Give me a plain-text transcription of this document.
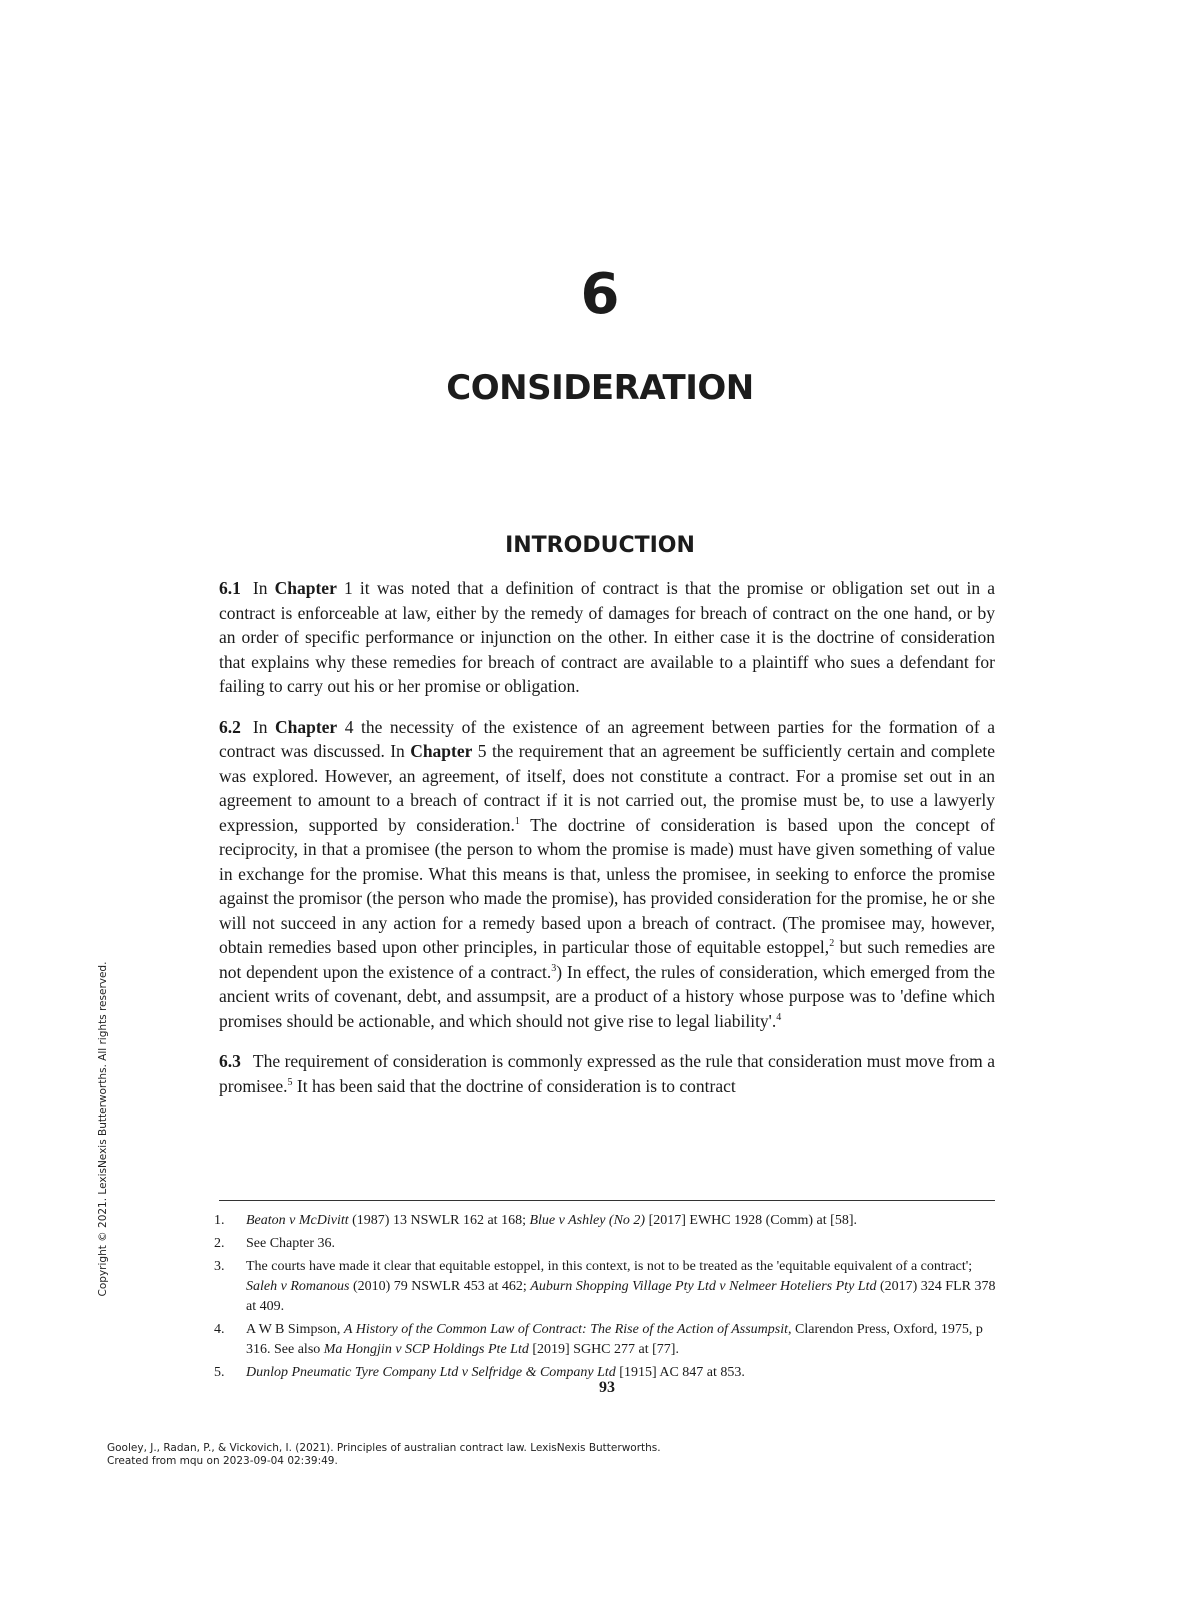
6
CONSIDERATION
INTRODUCTION

6.1 In Chapter 1 it was noted that a definition of contract is that the promise or obligation set out in a contract is enforceable at law, either by the remedy of damages for breach of contract on the one hand, or by an order of specific performance or injunction on the other. In either case it is the doctrine of consideration that explains why these remedies for breach of contract are available to a plaintiff who sues a defendant for failing to carry out his or her promise or obligation.

6.2 In Chapter 4 the necessity of the existence of an agreement between parties for the formation of a contract was discussed. In Chapter 5 the requirement that an agreement be sufficiently certain and complete was explored. However, an agreement, of itself, does not constitute a contract. For a promise set out in an agreement to amount to a breach of contract if it is not carried out, the promise must be, to use a lawyerly expression, supported by consideration.$^1$ The doctrine of consideration is based upon the concept of reciprocity, in that a promisee (the person to whom the promise is made) must have given something of value in exchange for the promise. What this means is that, unless the promisee, in seeking to enforce the promise against the promisor (the person who made the promise), has provided consideration for the promise, he or she will not succeed in any action for a remedy based upon a breach of contract. (The promisee may, however, obtain remedies based upon other principles, in particular those of equitable estoppel,$^2$ but such remedies are not dependent upon the existence of a contract.$^3$) In effect, the rules of consideration, which emerged from the ancient writs of covenant, debt, and assumpsit, are a product of a history whose purpose was to 'define which promises should be actionable, and which should not give rise to legal liability'.$^4$

6.3 The requirement of consideration is commonly expressed as the rule that consideration must move from a promisee.$^5$ It has been said that the doctrine of consideration is to contract

1.	Beaton v McDivitt (1987) 13 NSWLR 162 at 168; Blue v Ashley (No 2) [2017] EWHC 1928 (Comm) at [58].
2.	See Chapter 36.
3.	The courts have made it clear that equitable estoppel, in this context, is not to be treated as the 'equitable equivalent of a contract'; Saleh v Romanous (2010) 79 NSWLR 453 at 462; Auburn Shopping Village Pty Ltd v Nelmeer Hoteliers Pty Ltd (2017) 324 FLR 378 at 409.
4.	A W B Simpson, A History of the Common Law of Contract: The Rise of the Action of Assumpsit, Clarendon Press, Oxford, 1975, p 316. See also Ma Hongjin v SCP Holdings Pte Ltd [2019] SGHC 277 at [77].
5.	Dunlop Pneumatic Tyre Company Ltd v Selfridge & Company Ltd [1915] AC 847 at 853.
93
Gooley, J., Radan, P., & Vickovich, I. (2021). Principles of australian contract law. LexisNexis Butterworths.
Created from mqu on 2023-09-04 02:39:49.
Copyright © 2021. LexisNexis Butterworths. All rights reserved.
